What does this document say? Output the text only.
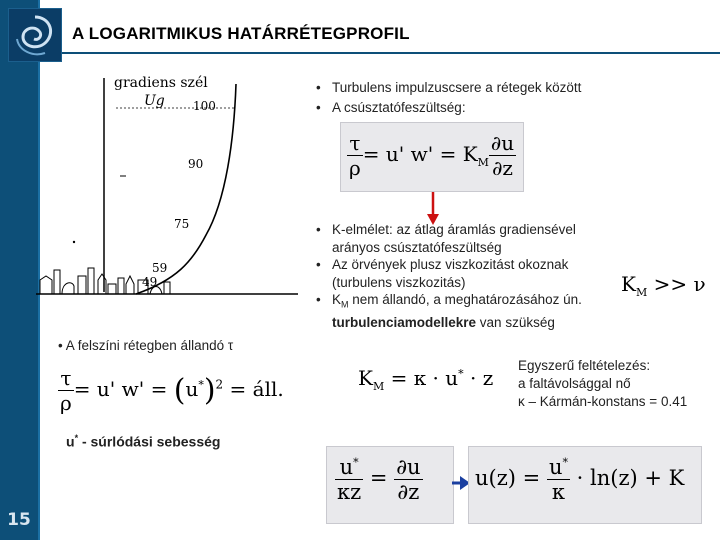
15
A LOGARITMIKUS HATÁRRÉTEGPROFIL
gradiens szél
Ug 100
90
75
59
49
• Turbulens impulzuscsere a rétegek között
• A csúsztatófeszültség:
$\frac{\tau}{\rho} = u'$ $w' = K_M \frac{\partial u}{\partial z}$
• K-elmélet: az átlag áramlás gradiensével
arányos csúsztatófeszültség
• Az örvények plusz viszkozitást okoznak
(turbulens viszkozitás)
• $K_M$ nem állandó, a meghatározásához ún.
turbulenciamodellekre van szükség
$K_M >> \nu$
• A felszíni rétegben állandó τ
$\frac{\tau}{\rho} = u'$ $w' = (u^*)^2$ = áll.
u* - súrlódási sebesség
$K_M = \kappa \cdot u^* \cdot z$
Egyszerű feltételezés:
a faltávolsággal nő
κ – Kármán-konstans = 0.41
$\frac{u^*}{\kappa z} = \frac{\partial u}{\partial z} u(z) = \frac{u^*}{\kappa} \cdot \ln(z) + K$
